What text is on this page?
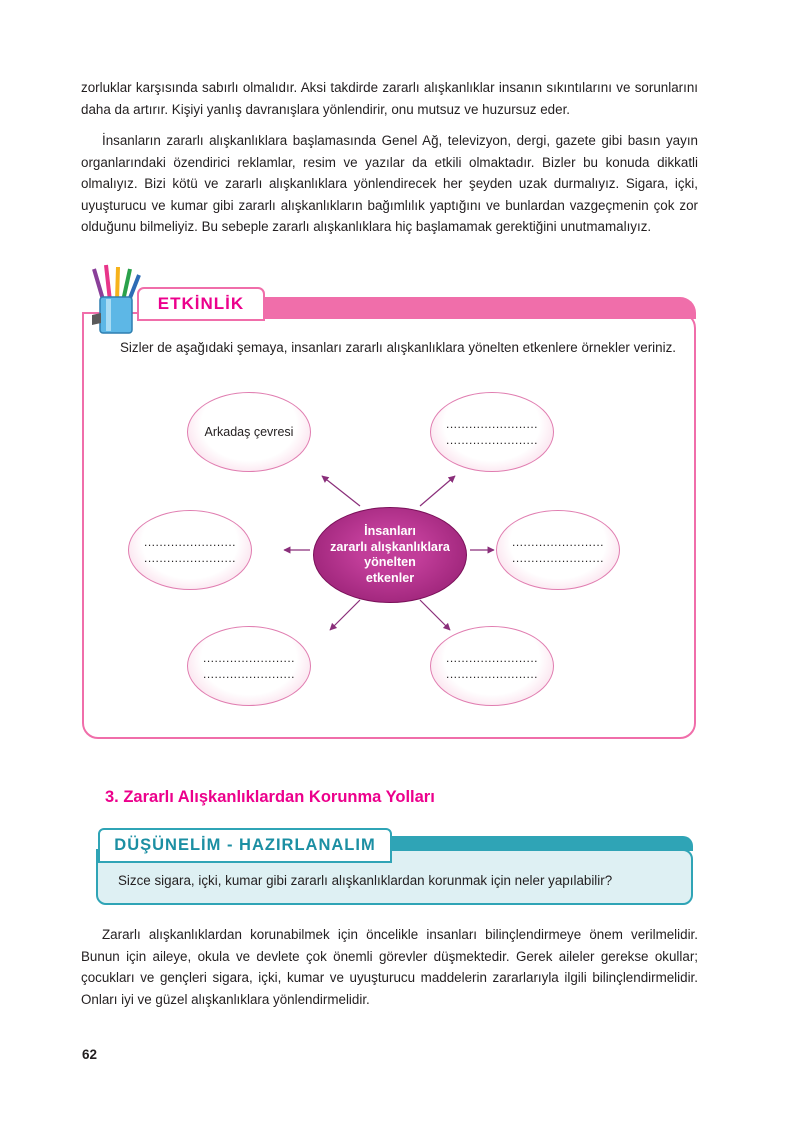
zorluklar karşısında sabırlı olmalıdır. Aksi takdirde zararlı alışkanlıklar insanın sıkıntılarını ve sorunlarını daha da artırır. Kişiyi yanlış davranışlara yönlendirir, onu mutsuz ve huzursuz eder.

İnsanların zararlı alışkanlıklara başlamasında Genel Ağ, televizyon, dergi, gazete gibi basın yayın organlarındaki özendirici reklamlar, resim ve yazılar da etkili olmaktadır. Bizler bu konuda dikkatli olmalıyız. Bizi kötü ve zararlı alışkanlıklara yönlendirecek her şeyden uzak durmalıyız. Sigara, içki, uyuşturucu ve kumar gibi zararlı alışkanlıkların bağımlılık yaptığını ve bunlardan vazgeçmenin çok zor olduğunu bilmeliyiz. Bu sebeple zararlı alışkanlıklara hiç başlamamak gerektiğini unutmamalıyız.

ETKİNLİK

Sizler de aşağıdaki şemaya, insanları zararlı alışkanlıklara yönelten etkenlere örnekler veriniz.

Arkadaş çevresi
........................
........................
........................
........................
........................
........................
........................
........................
........................
........................
İnsanları
zararlı alışkanlıklara
yönelten
etkenler
3. Zararlı Alışkanlıklardan Korunma Yolları
DÜŞÜNELİM - HAZIRLANALIM

Sizce sigara, içki, kumar gibi zararlı alışkanlıklardan korunmak için neler yapılabilir?

Zararlı alışkanlıklardan korunabilmek için öncelikle insanları bilinçlendirmeye önem verilmelidir. Bunun için aileye, okula ve devlete çok önemli görevler düşmektedir. Gerek aileler gerekse okullar; çocukları ve gençleri sigara, içki, kumar ve uyuşturucu maddelerin zararlarıyla ilgili bilinçlendirmelidir. Onları iyi ve güzel alışkanlıklara yönlendirmelidir.

62
